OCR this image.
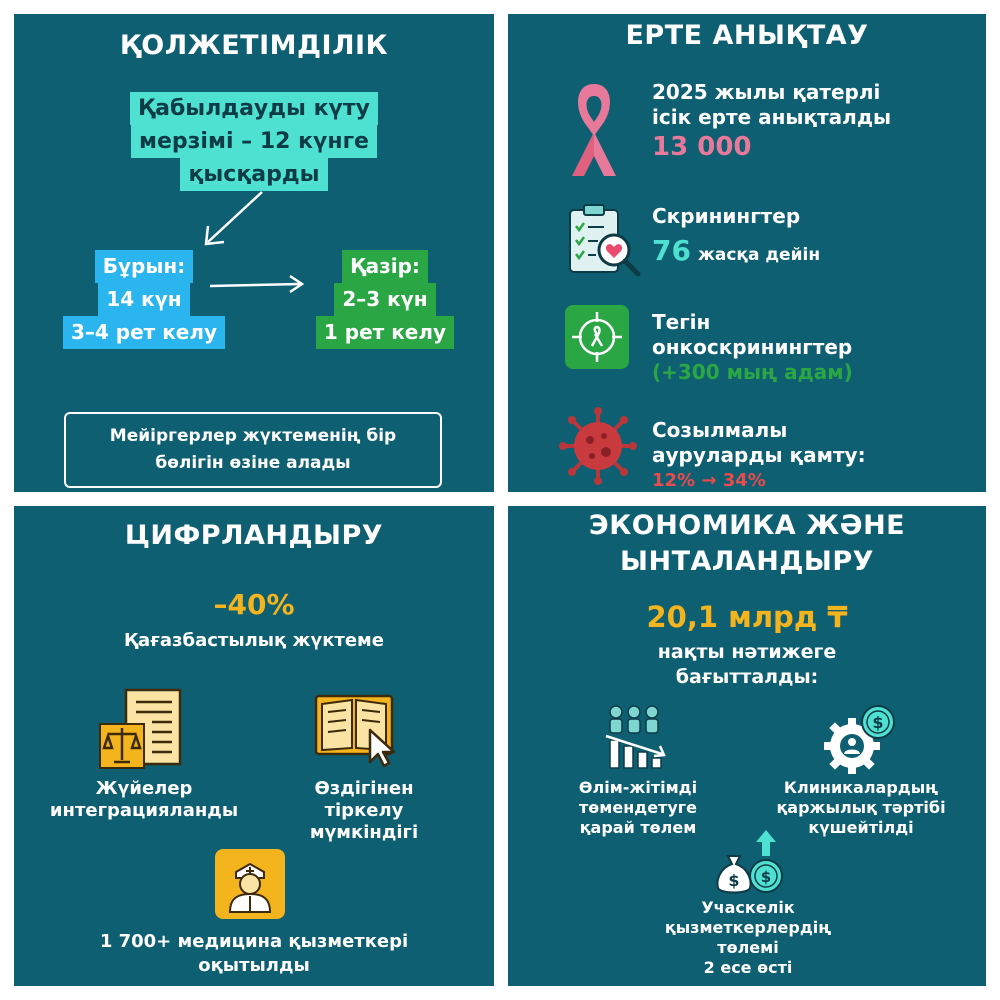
ҚОЛЖЕТІМДІЛІК
Қабылдауды күту
мерзімі – 12 күнге
қысқарды
Бұрын:
14 күн
3–4 рет келу
Қазір:
2–3 күн
1 рет келу
Мейіргерлер жүктеменің бір
бөлігін өзіне алады
ЕРТЕ АНЫҚТАУ
2025 жылы қатерлі
ісік ерте анықталды
13 000
Скринингтер
76 жасқа дейін
Тегін
онкоскринингтер
(+300 мың адам)
Созылмалы
ауруларды қамту:
12% → 34%
ЦИФРЛАНДЫРУ
–40%
Қағазбастылық жүктеме
Жүйелер
интеграцияланды
Өздігінен
тіркелу
мүмкіндігі
1 700+ медицина қызметкері
оқытылды
ЭКОНОМИКА ЖӘНЕ
ЫНТАЛАНДЫРУ
20,1 млрд ₸
нақты нәтижеге
бағытталды:
Өлім-жітімді
төмендетуге
қарай төлем
$
Клиникалардың
қаржылық тәртібі
күшейтілді
$ $
Учаскелік
қызметкерлердің
төлемі
2 есе өсті
